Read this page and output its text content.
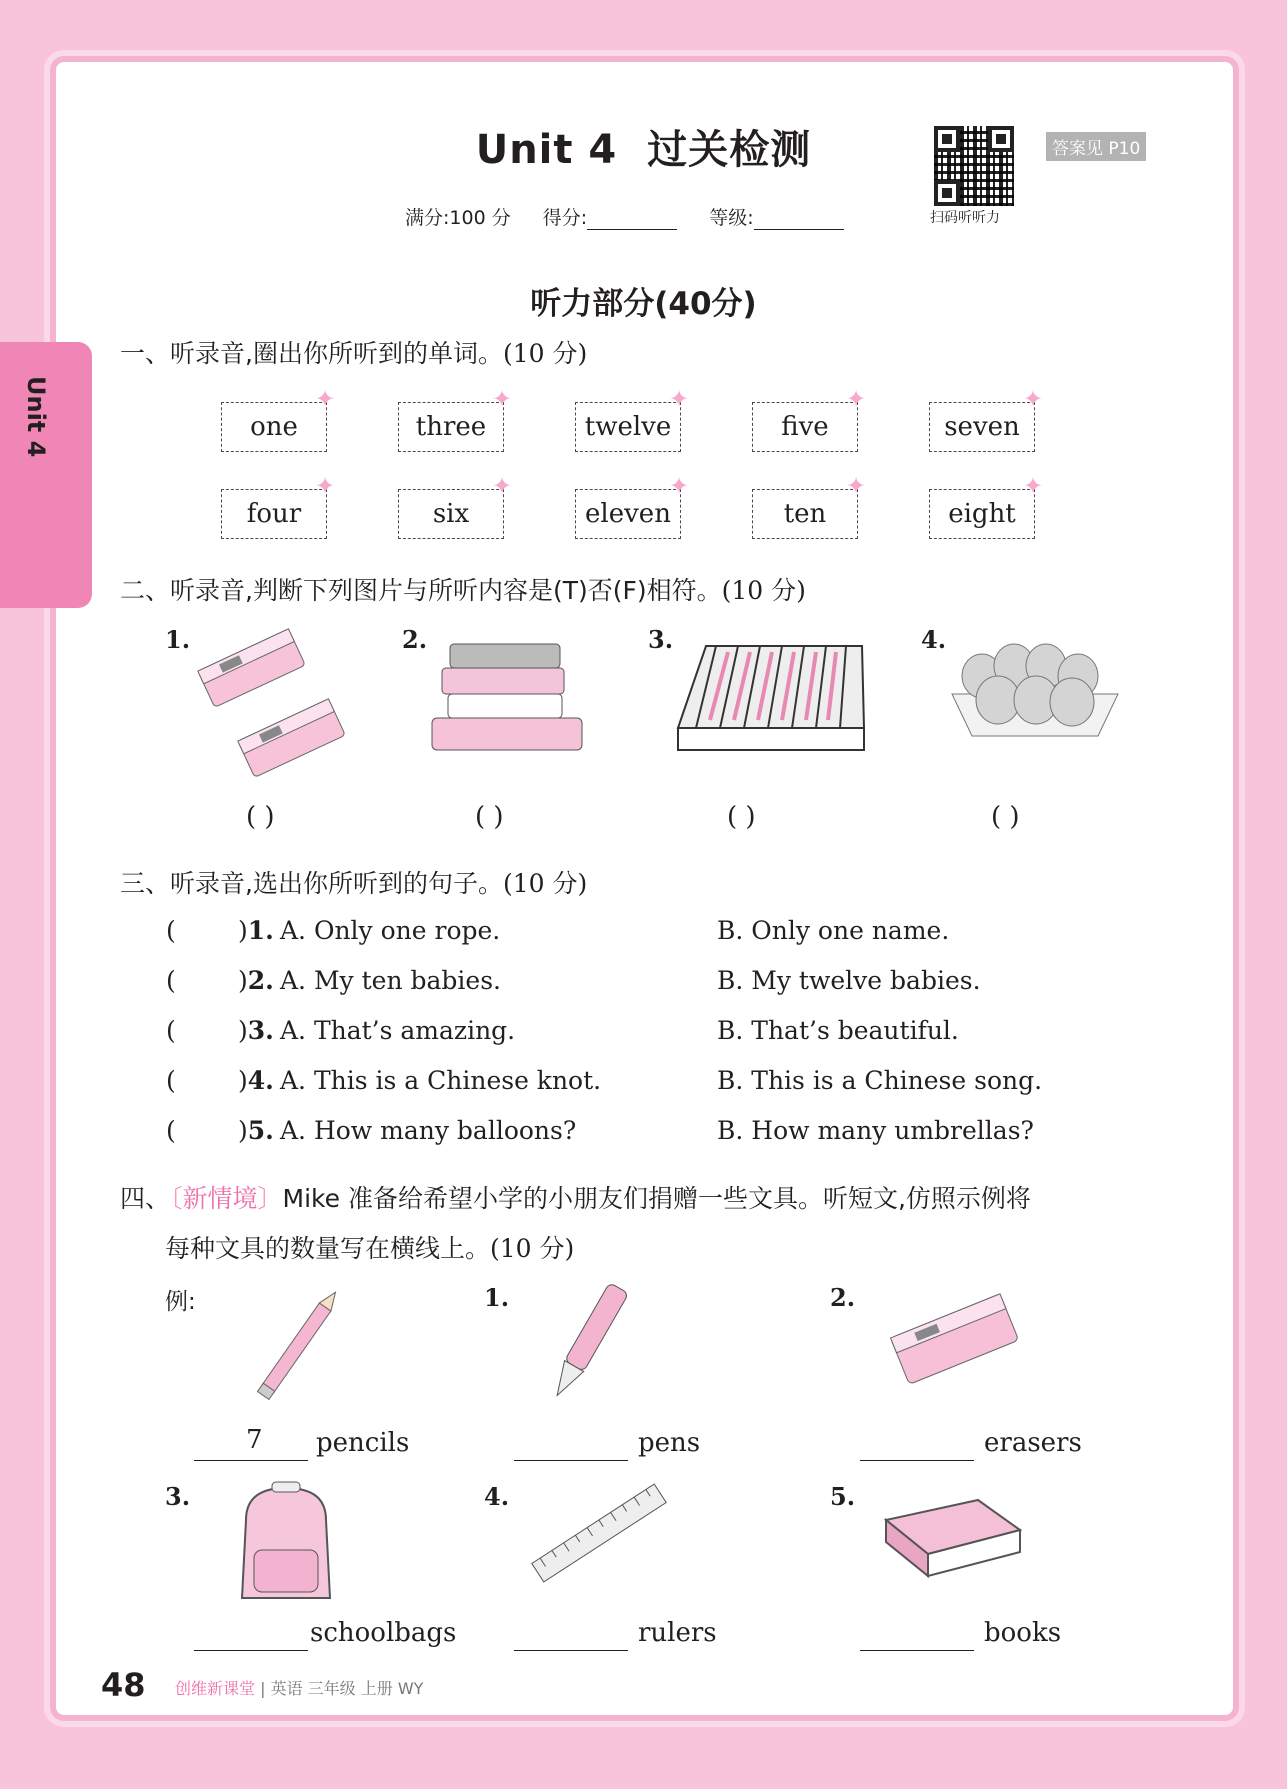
Unit 4
Unit 4 过关检测
扫码听听力
答案见 P10
满分:100 分 得分:	等级:
听力部分(40分)
一、听录音,圈出你所听到的单词。(10 分)
one
✦
three
✦
twelve
✦
five
✦
seven
✦
four
✦
six
✦
eleven
✦
ten
✦
eight
✦
二、听录音,判断下列图片与所听内容是(T)否(F)相符。(10 分)
1.	2.	3.	4.
( )	( )	( )	( )
三、听录音,选出你所听到的句子。(10 分)
( )1. A. Only one rope.	B. Only one name.
( )2. A. My ten babies.	B. My twelve babies.
( )3. A. That’s amazing.	B. That’s beautiful.
( )4. A. This is a Chinese knot.	B. This is a Chinese song.
( )5. A. How many balloons?	B. How many umbrellas?
四、〔新情境〕Mike 准备给希望小学的小朋友们捐赠一些文具。听短文,仿照示例将
每种文具的数量写在横线上。(10 分)
例:	1.	2.
3.	4.	5.
7 pencils	pens	erasers
schoolbags	rulers	books
48 创维新课堂 | 英语 三年级 上册 WY
